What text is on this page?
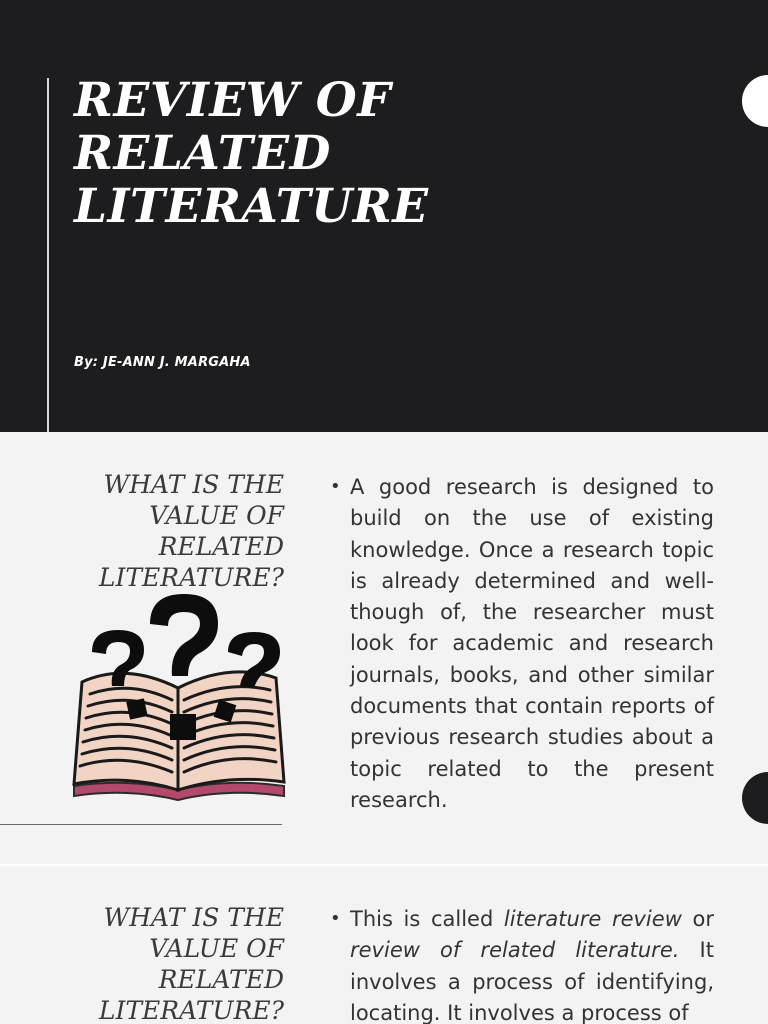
REVIEW OF
RELATED
LITERATURE
By: JE-ANN J. MARGAHA
WHAT IS THE
VALUE OF
RELATED
LITERATURE?
• A good research is designed to build on the use of existing knowledge. Once a research topic is already determined and well-though of, the researcher must look for academic and research journals, books, and other similar documents that contain reports of previous research studies about a topic related to the present research.

WHAT IS THE
VALUE OF
RELATED
LITERATURE?
• This is called literature review or review of related literature. It involves a process of identifying, locating. It involves a process of
